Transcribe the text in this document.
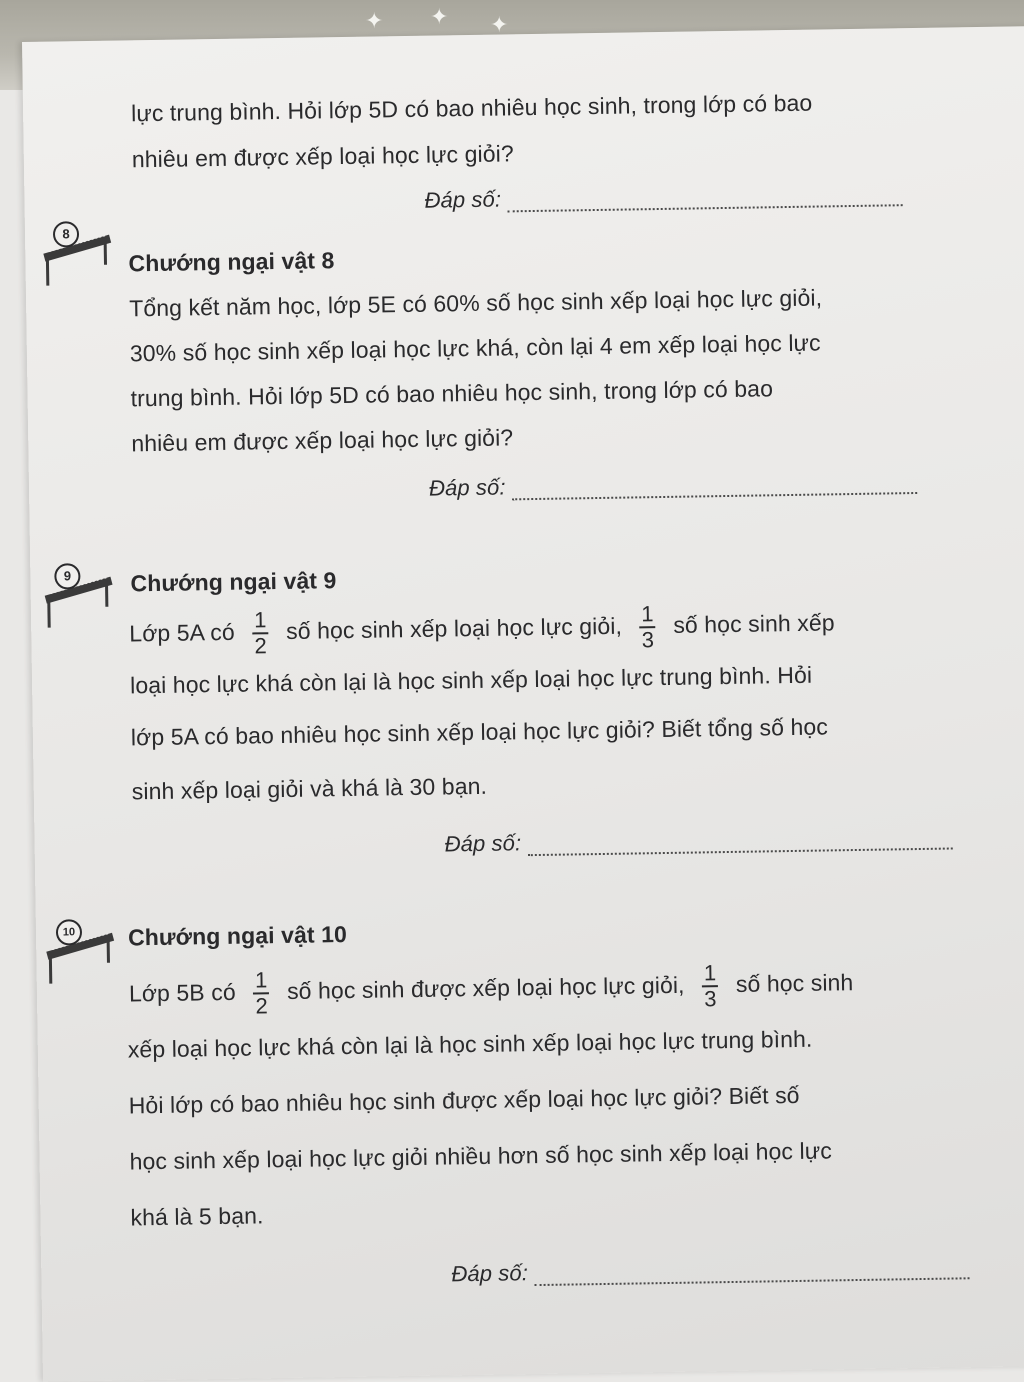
✦ ✦ ✦
lực trung bình. Hỏi lớp 5D có bao nhiêu học sinh, trong lớp có bao
nhiêu em được xếp loại học lực giỏi?
Đáp số:
8
Chướng ngại vật 8
Tổng kết năm học, lớp 5E có 60% số học sinh xếp loại học lực giỏi,
30% số học sinh xếp loại học lực khá, còn lại 4 em xếp loại học lực
trung bình. Hỏi lớp 5D có bao nhiêu học sinh, trong lớp có bao
nhiêu em được xếp loại học lực giỏi?
Đáp số:
9	Chướng ngại vật 9
Lớp 5A có $\frac{1}{2}$ số học sinh xếp loại học lực giỏi, $\frac{1}{3}$ số học sinh xếp
loại học lực khá còn lại là học sinh xếp loại học lực trung bình. Hỏi
lớp 5A có bao nhiêu học sinh xếp loại học lực giỏi? Biết tổng số học
sinh xếp loại giỏi và khá là 30 bạn.
Đáp số:
10	Chướng ngại vật 10
Lớp 5B có $\frac{1}{2}$ số học sinh được xếp loại học lực giỏi, $\frac{1}{3}$ số học sinh
xếp loại học lực khá còn lại là học sinh xếp loại học lực trung bình.
Hỏi lớp có bao nhiêu học sinh được xếp loại học lực giỏi? Biết số
học sinh xếp loại học lực giỏi nhiều hơn số học sinh xếp loại học lực
khá là 5 bạn.
Đáp số:
